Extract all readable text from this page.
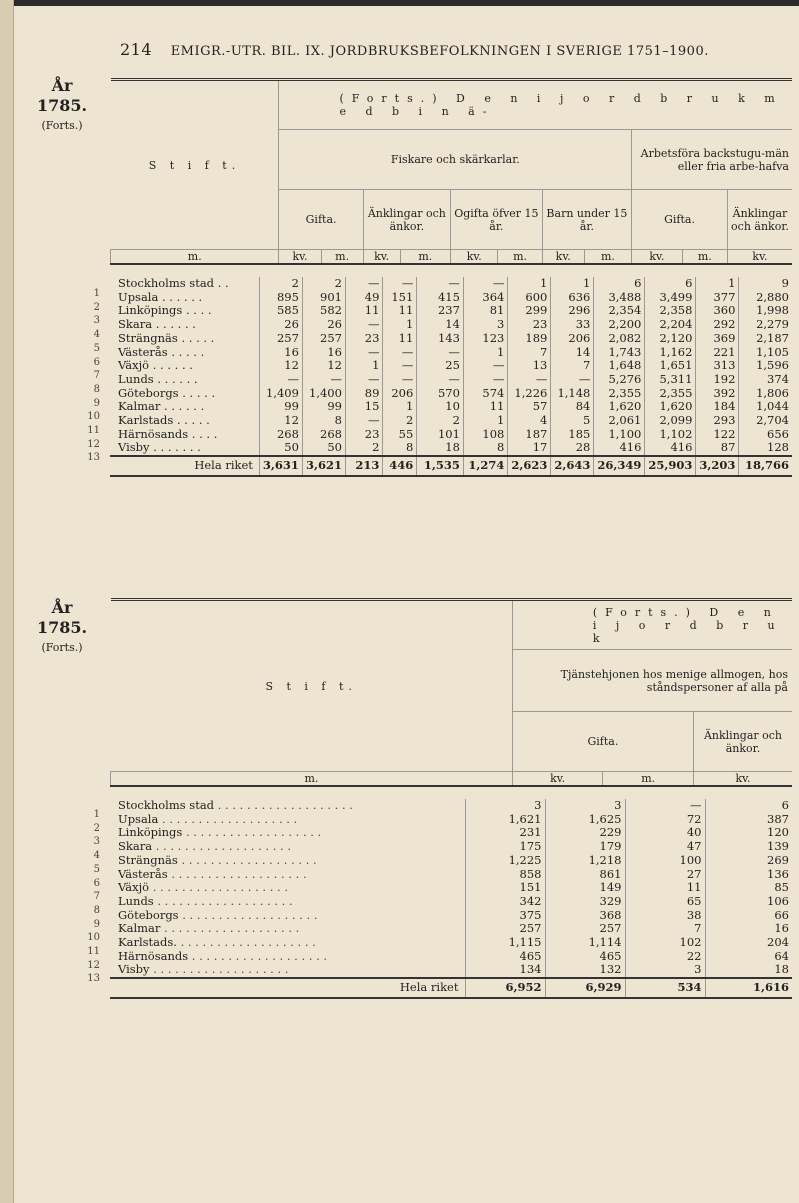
214 EMIGR.-UTR. BIL. IX. JORDBRUKSBEFOLKNINGEN I SVERIGE 1751–1900.
År
1785.
(Forts.)
S t i f t.	(Forts.) D e n i j o r d b r u k m e d b i n ä-										
	Fiskare och skärkarlar.								Arbetsföra backstugu-män eller fria arbe-hafva		
	Gifta.		Änklingar och änkor.		Ogifta öfver 15 år.		Barn under 15 år.		Gifta.		Änklingar och änkor.
m.	kv.	m.	kv.	m.	kv.	m.	kv.	m.	kv.	m.	kv.
Stockholms stad . .	2	2	—	—	—	—	1	1	6	6	1	9
Upsala . . . . . .	895	901	49	151	415	364	600	636	3,488	3,499	377	2,880
Linköpings . . . .	585	582	11	11	237	81	299	296	2,354	2,358	360	1,998
Skara . . . . . .	26	26	—	1	14	3	23	33	2,200	2,204	292	2,279
Strängnäs . . . . .	257	257	23	11	143	123	189	206	2,082	2,120	369	2,187
Västerås . . . . .	16	16	—	—	—	1	7	14	1,743	1,162	221	1,105
Växjö . . . . . .	12	12	1	—	25	—	13	7	1,648	1,651	313	1,596
Lunds . . . . . .	—	—	—	—	—	—	—	—	5,276	5,311	192	374
Göteborgs . . . . .	1,409	1,400	89	206	570	574	1,226	1,148	2,355	2,355	392	1,806
Kalmar . . . . . .	99	99	15	1	10	11	57	84	1,620	1,620	184	1,044
Karlstads . . . . .	12	8	—	2	2	1	4	5	2,061	2,099	293	2,704
Härnösands . . . .	268	268	23	55	101	108	187	185	1,100	1,102	122	656
Visby . . . . . . .	50	50	2	8	18	8	17	28	416	416	87	128
Hela riket	3,631	3,621	213	446	1,535	1,274	2,623	2,643	26,349	25,903	3,203	18,766
1
2
3
4
5
6
7
8
9
10
11
12
13
År
1785.
(Forts.)
S t i f t.	(Forts.) D e n i j o r d b r u k		
	Tjänstehjonen hos menige allmogen, hos ståndspersoner af alla på		
	Gifta.		Änklingar och änkor.
m.	kv.	m.	kv.
Stockholms stad . . . . . . . . . . . . . . . . . . .	3	3	—	6
Upsala . . . . . . . . . . . . . . . . . . .	1,621	1,625	72	387
Linköpings . . . . . . . . . . . . . . . . . . .	231	229	40	120
Skara . . . . . . . . . . . . . . . . . . .	175	179	47	139
Strängnäs . . . . . . . . . . . . . . . . . . .	1,225	1,218	100	269
Västerås . . . . . . . . . . . . . . . . . . .	858	861	27	136
Växjö . . . . . . . . . . . . . . . . . . .	151	149	11	85
Lunds . . . . . . . . . . . . . . . . . . .	342	329	65	106
Göteborgs . . . . . . . . . . . . . . . . . . .	375	368	38	66
Kalmar . . . . . . . . . . . . . . . . . . .	257	257	7	16
Karlstads. . . . . . . . . . . . . . . . . . . .	1,115	1,114	102	204
Härnösands . . . . . . . . . . . . . . . . . . .	465	465	22	64
Visby . . . . . . . . . . . . . . . . . . .	134	132	3	18
Hela riket	6,952	6,929	534	1,616
1
2
3
4
5
6
7
8
9
10
11
12
13
